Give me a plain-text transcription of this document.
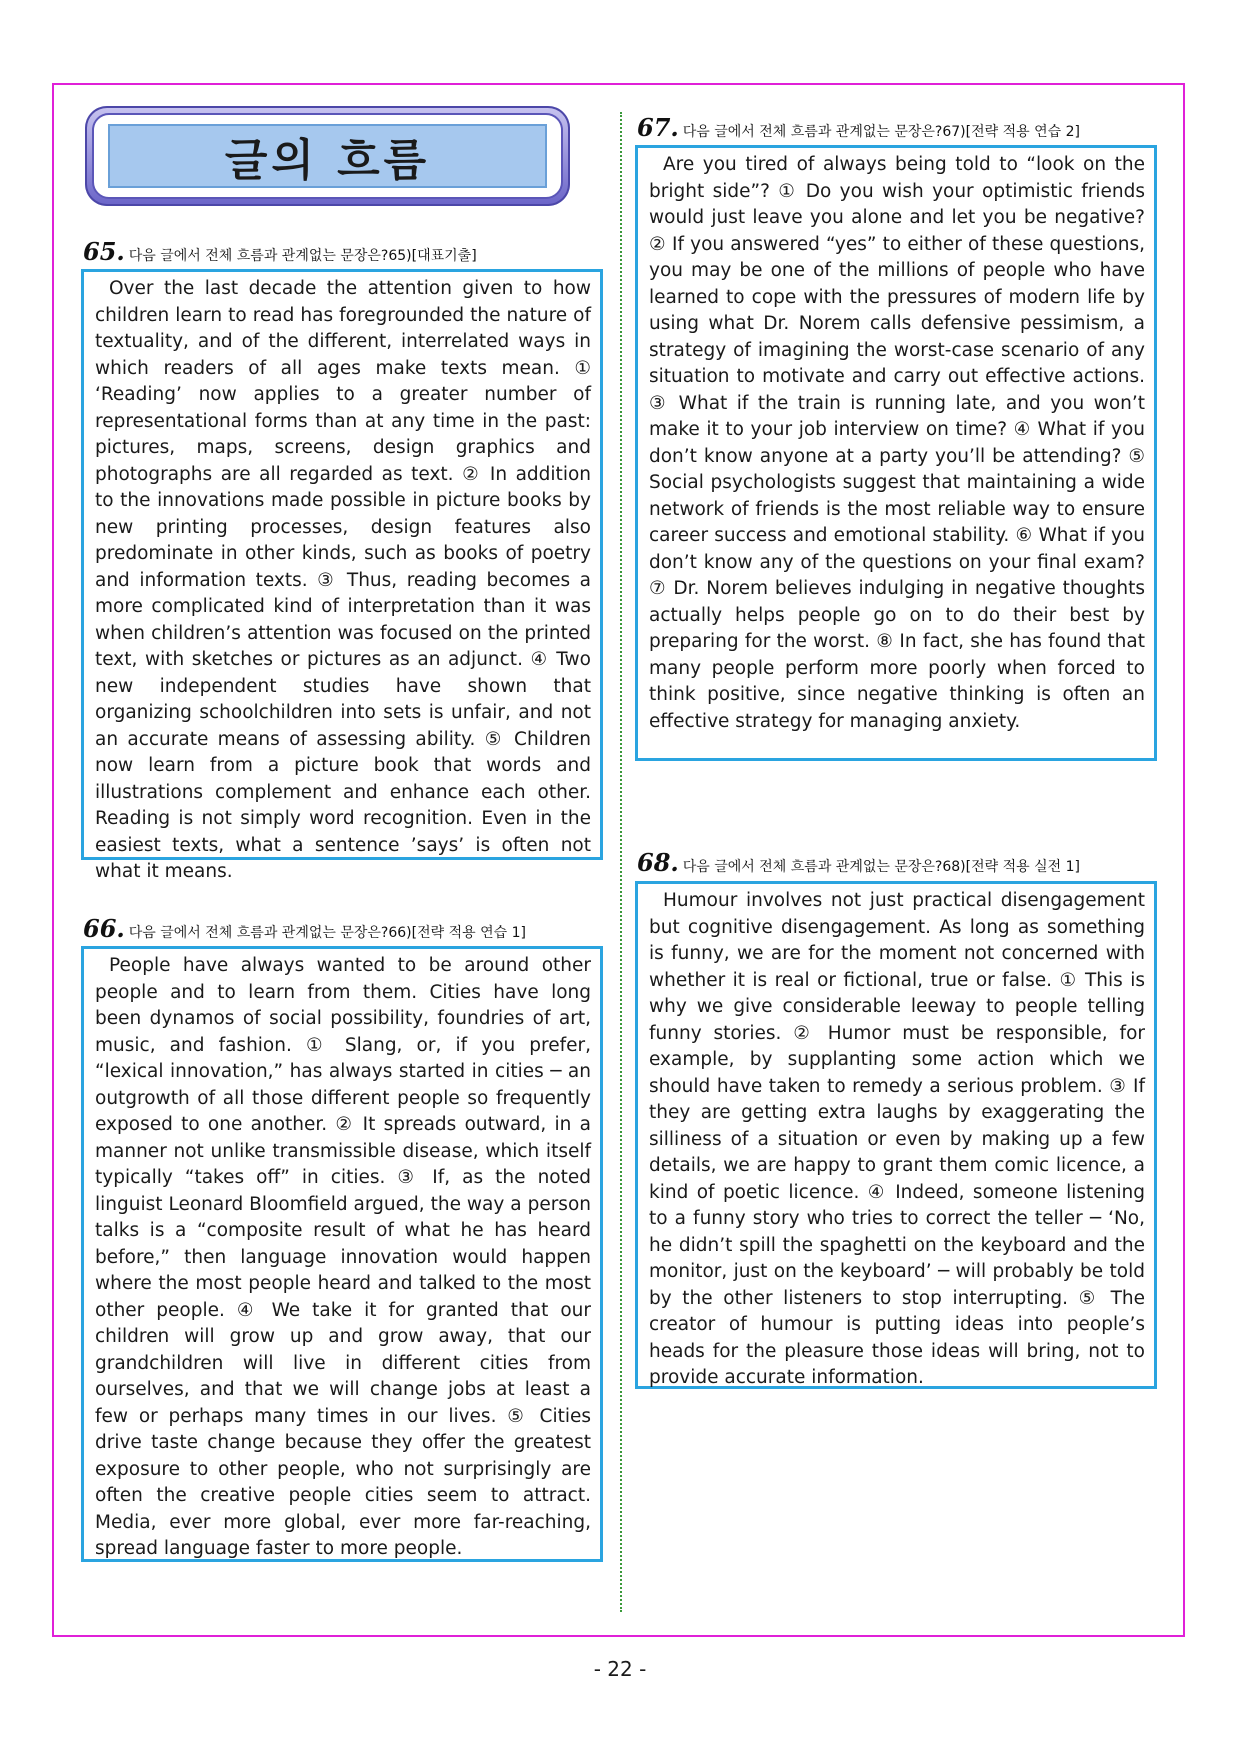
글의 흐름
65. 다음 글에서 전체 흐름과 관계없는 문장은?65)[대표기출]
Over the last decade the attention given to how children learn to read has foregrounded the nature of textuality, and of the different, interrelated ways in which readers of all ages make texts mean. ① ‘Reading’ now applies to a greater number of representational forms than at any time in the past: pictures, maps, screens, design graphics and photographs are all regarded as text. ② In addition to the innovations made possible in picture books by new printing processes, design features also predominate in other kinds, such as books of poetry and information texts. ③ Thus, reading becomes a more complicated kind of interpretation than it was when children’s attention was focused on the printed text, with sketches or pictures as an adjunct. ④ Two new independent studies have shown that organizing schoolchildren into sets is unfair, and not an accurate means of assessing ability. ⑤ Children now learn from a picture book that words and illustrations complement and enhance each other. Reading is not simply word recognition. Even in the easiest texts, what a sentence ’says’ is often not what it means.
66. 다음 글에서 전체 흐름과 관계없는 문장은?66)[전략 적용 연습 1]
People have always wanted to be around other people and to learn from them. Cities have long been dynamos of social possibility, foundries of art, music, and fashion. ① Slang, or, if you prefer, “lexical innovation,” has always started in cities ─ an outgrowth of all those different people so frequently exposed to one another. ② It spreads outward, in a manner not unlike transmissible disease, which itself typically “takes off” in cities. ③ If, as the noted linguist Leonard Bloomfield argued, the way a person talks is a “composite result of what he has heard before,” then language innovation would happen where the most people heard and talked to the most other people. ④ We take it for granted that our children will grow up and grow away, that our grandchildren will live in different cities from ourselves, and that we will change jobs at least a few or perhaps many times in our lives. ⑤ Cities drive taste change because they offer the greatest exposure to other people, who not surprisingly are often the creative people cities seem to attract. Media, ever more global, ever more far-reaching, spread language faster to more people.
67. 다음 글에서 전체 흐름과 관계없는 문장은?67)[전략 적용 연습 2]
Are you tired of always being told to “look on the bright side”? ① Do you wish your optimistic friends would just leave you alone and let you be negative? ② If you answered “yes” to either of these questions, you may be one of the millions of people who have learned to cope with the pressures of modern life by using what Dr. Norem calls defensive pessimism, a strategy of imagining the worst-case scenario of any situation to motivate and carry out effective actions. ③ What if the train is running late, and you won’t make it to your job interview on time? ④ What if you don’t know anyone at a party you’ll be attending? ⑤ Social psychologists suggest that maintaining a wide network of friends is the most reliable way to ensure career success and emotional stability. ⑥ What if you don’t know any of the questions on your final exam? ⑦ Dr. Norem believes indulging in negative thoughts actually helps people go on to do their best by preparing for the worst. ⑧ In fact, she has found that many people perform more poorly when forced to think positive, since negative thinking is often an effective strategy for managing anxiety.
68. 다음 글에서 전체 흐름과 관계없는 문장은?68)[전략 적용 실전 1]
Humour involves not just practical disengagement but cognitive disengagement. As long as something is funny, we are for the moment not concerned with whether it is real or fictional, true or false. ① This is why we give considerable leeway to people telling funny stories. ② Humor must be responsible, for example, by supplanting some action which we should have taken to remedy a serious problem. ③ If they are getting extra laughs by exaggerating the silliness of a situation or even by making up a few details, we are happy to grant them comic licence, a kind of poetic licence. ④ Indeed, someone listening to a funny story who tries to correct the teller ─ ‘No, he didn’t spill the spaghetti on the keyboard and the monitor, just on the keyboard’ ─ will probably be told by the other listeners to stop interrupting. ⑤ The creator of humour is putting ideas into people’s heads for the pleasure those ideas will bring, not to provide accurate information.
- 22 -
